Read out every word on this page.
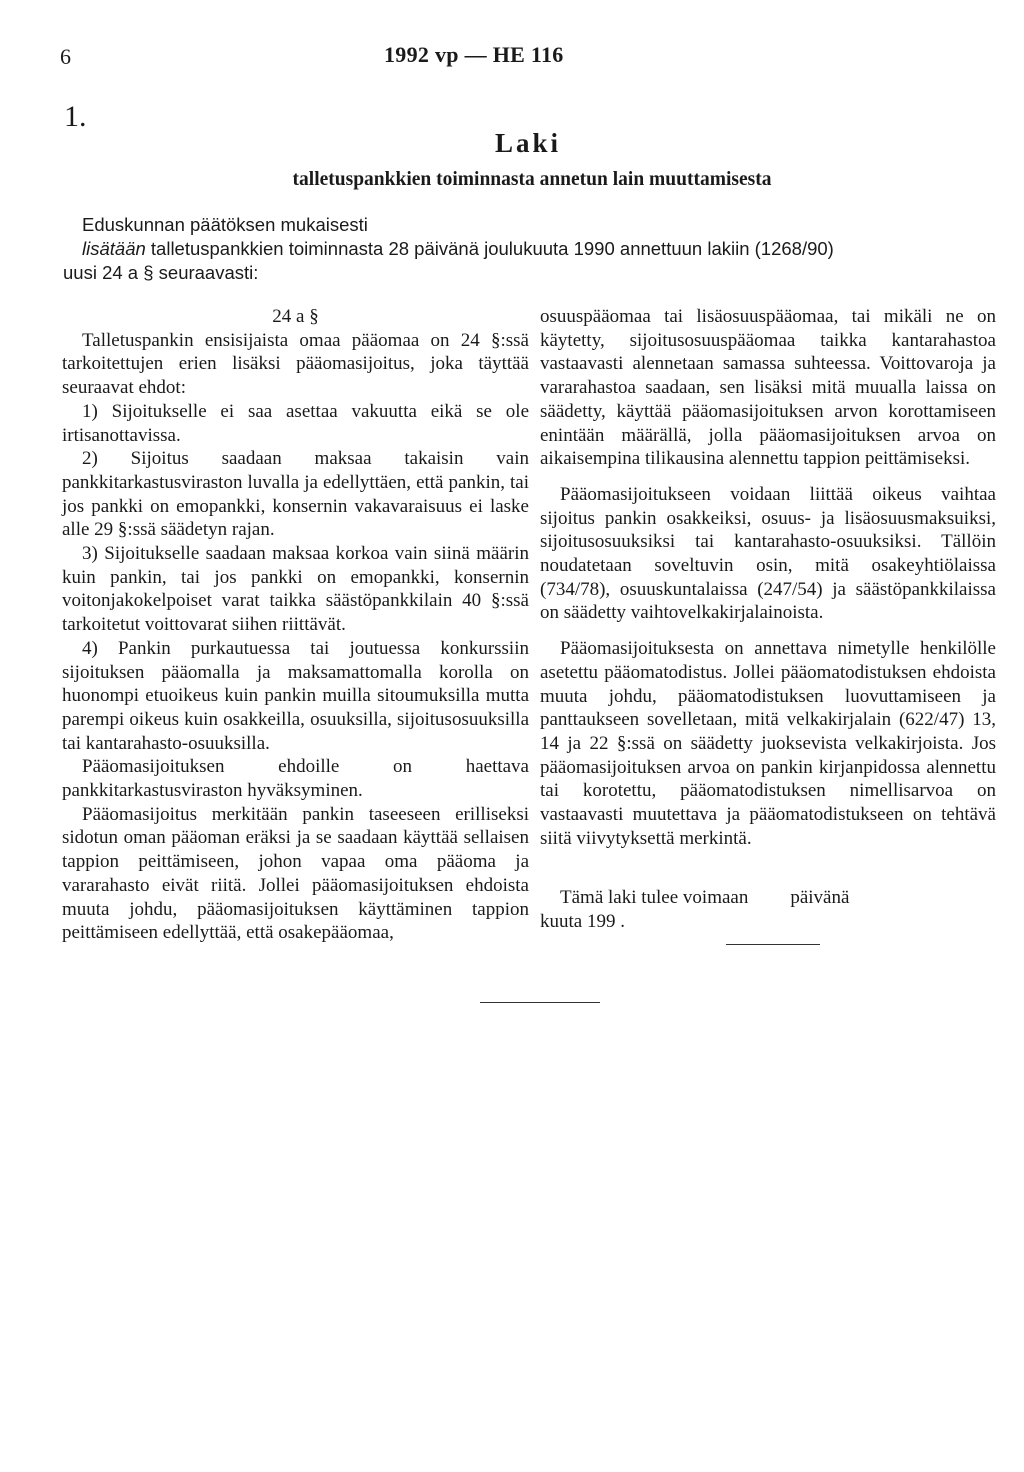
6	1992 vp — HE 116
1.
Laki
talletuspankkien toiminnasta annetun lain muuttamisesta
Eduskunnan päätöksen mukaisesti
lisätään talletuspankkien toiminnasta 28 päivänä joulukuuta 1990 annettuun lakiin (1268/90)
uusi 24 a § seuraavasti:

24 a §

Talletuspankin ensisijaista omaa pääomaa on 24 §:ssä tarkoitettujen erien lisäksi pääomasijoitus, joka täyttää seuraavat ehdot:

1) Sijoitukselle ei saa asettaa vakuutta eikä se ole irtisanottavissa.

2) Sijoitus saadaan maksaa takaisin vain pankkitarkastusviraston luvalla ja edellyttäen, että pankin, tai jos pankki on emopankki, konsernin vakavaraisuus ei laske alle 29 §:ssä säädetyn rajan.

3) Sijoitukselle saadaan maksaa korkoa vain siinä määrin kuin pankin, tai jos pankki on emopankki, konsernin voitonjakokelpoiset varat taikka säästöpankkilain 40 §:ssä tarkoitetut voittovarat siihen riittävät.

4) Pankin purkautuessa tai joutuessa konkurssiin sijoituksen pääomalla ja maksamattomalla korolla on huonompi etuoikeus kuin pankin muilla sitoumuksilla mutta parempi oikeus kuin osakkeilla, osuuksilla, sijoitusosuuksilla tai kantarahasto-osuuksilla.

Pääomasijoituksen ehdoille on haettava pankkitarkastusviraston hyväksyminen.

Pääomasijoitus merkitään pankin taseeseen erilliseksi sidotun oman pääoman eräksi ja se saadaan käyttää sellaisen tappion peittämiseen, johon vapaa oma pääoma ja vararahasto eivät riitä. Jollei pääomasijoituksen ehdoista muuta johdu, pääomasijoituksen käyttäminen tappion peittämiseen edellyttää, että osakepääomaa,

osuuspääomaa tai lisäosuuspääomaa, tai mikäli ne on käytetty, sijoitusosuuspääomaa taikka kantarahastoa vastaavasti alennetaan samassa suhteessa. Voittovaroja ja vararahastoa saadaan, sen lisäksi mitä muualla laissa on säädetty, käyttää pääomasijoituksen arvon korottamiseen enintään määrällä, jolla pääomasijoituksen arvoa on aikaisempina tilikausina alennettu tappion peittämiseksi.

Pääomasijoitukseen voidaan liittää oikeus vaihtaa sijoitus pankin osakkeiksi, osuus- ja lisäosuusmaksuiksi, sijoitusosuuksiksi tai kantarahasto-osuuksiksi. Tällöin noudatetaan soveltuvin osin, mitä osakeyhtiölaissa (734/78), osuuskuntalaissa (247/54) ja säästöpankkilaissa on säädetty vaihtovelkakirjalainoista.

Pääomasijoituksesta on annettava nimetylle henkilölle asetettu pääomatodistus. Jollei pääomatodistuksen ehdoista muuta johdu, pääomatodistuksen luovuttamiseen ja panttaukseen sovelletaan, mitä velkakirjalain (622/47) 13, 14 ja 22 §:ssä on säädetty juoksevista velkakirjoista. Jos pääomasijoituksen arvoa on pankin kirjanpidossa alennettu tai korotettu, pääomatodistuksen nimellisarvoa on vastaavasti muutettava ja pääomatodistukseen on tehtävä siitä viivytyksettä merkintä.

Tämä laki tulee voimaan päivänä

kuuta 199 .
